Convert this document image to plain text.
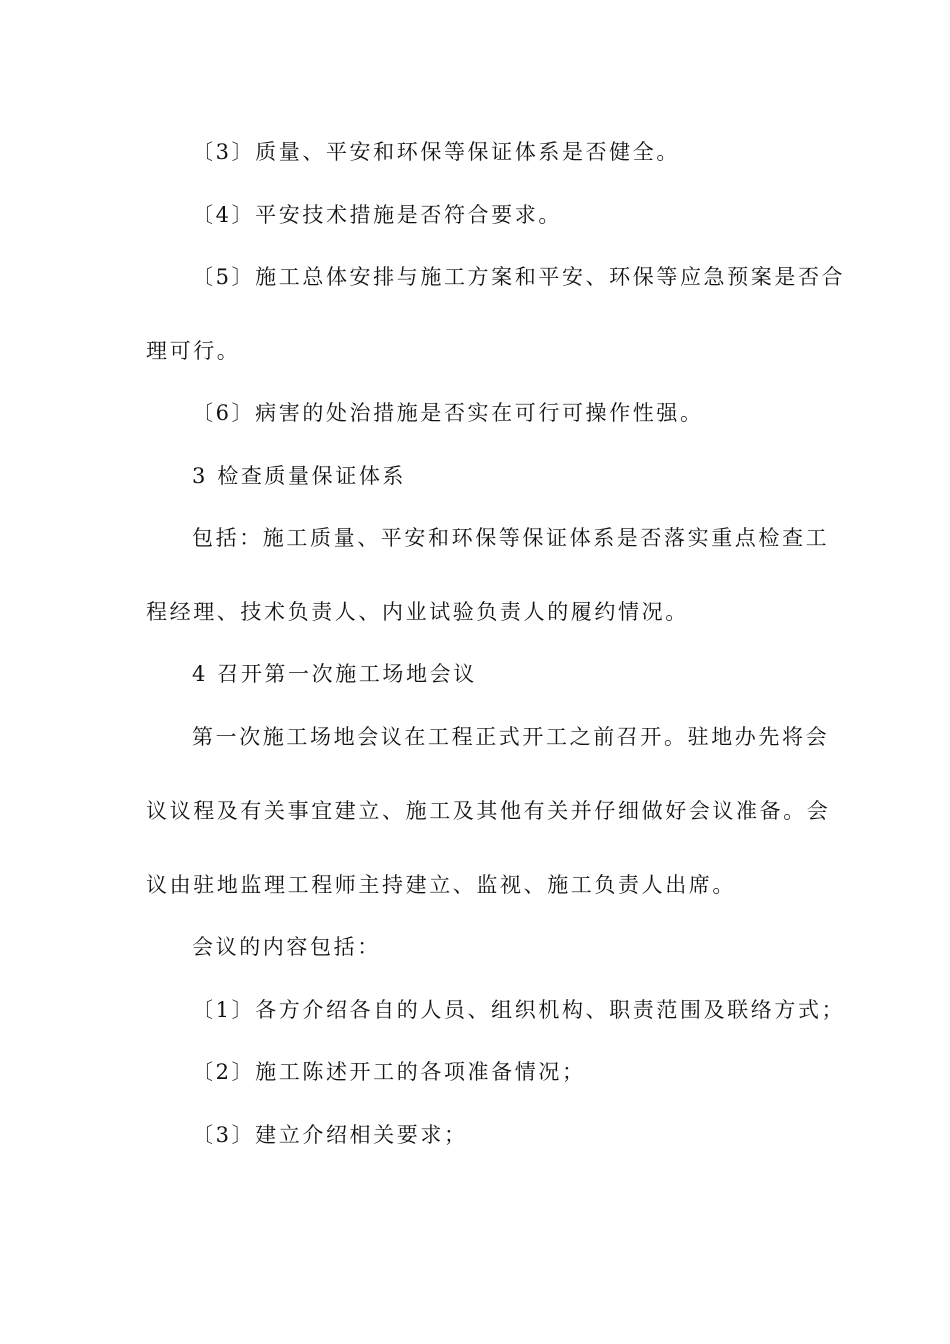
〔3〕质量、平安和环保等保证体系是否健全。
〔4〕平安技术措施是否符合要求。
〔5〕施工总体安排与施工方案和平安、环保等应急预案是否合
理可行。
〔6〕病害的处治措施是否实在可行可操作性强。
3 检查质量保证体系
包括：施工质量、平安和环保等保证体系是否落实重点检查工
程经理、技术负责人、内业试验负责人的履约情况。
4 召开第一次施工场地会议
第一次施工场地会议在工程正式开工之前召开。驻地办先将会
议议程及有关事宜建立、施工及其他有关并仔细做好会议准备。会
议由驻地监理工程师主持建立、监视、施工负责人出席。
会议的内容包括：
〔1〕各方介绍各自的人员、组织机构、职责范围及联络方式；
〔2〕施工陈述开工的各项准备情况；
〔3〕建立介绍相关要求；
